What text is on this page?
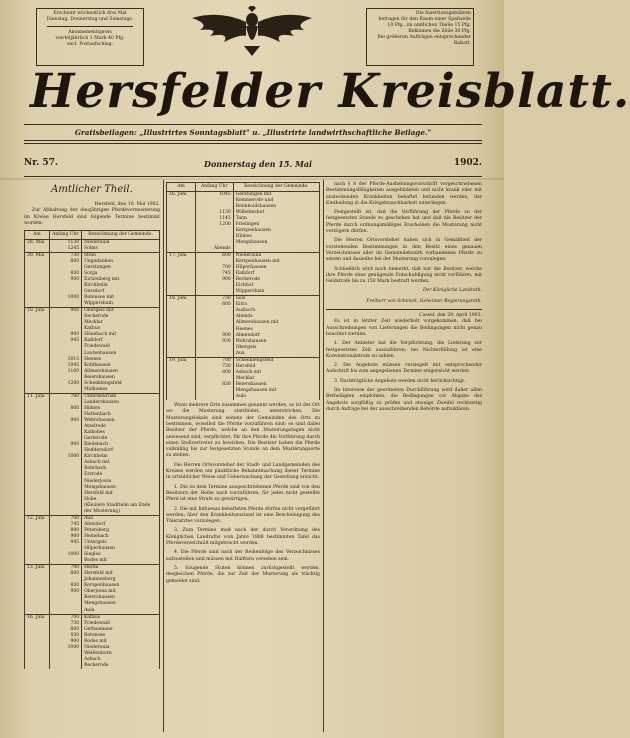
Erscheint wöchentlich drei Mal
Dienstag, Donnerstag und Samstags.
Abonnementspreis
vierteljährlich 1 Mark 40 Pfg.
excl. Postaufschlag.
Die Insertionsgebühren
betragen für den Raum einer Spaltzeile
10 Pfg., im amtlichen Theile 15 Pfg.
Reklamen die Zeile 30 Pfg.
Bei größeren Aufträgen entsprechender
Rabatt.
Hersfelder Kreisblatt.
Gratisbeilagen: „Illustrirtes Sonntagsblatt" u. „Illustrirte landwirthschaftliche Beilage."
Nr. 57.	Donnerstag den 15. Mai	1902.
Amtlicher Theil.
Hersfeld, den 10. Mai 1902.
Zur Abhaltung der diesjährigen Pferdevormusterung im Kreise Hersfeld sind folgende Termine bestimmt worden:
Am	Anfang Uhr	Bezeichnung der Gemeinde.
28. Mai	1130	Niederaula
	1245	Solms
30. Mai	730	Stein
	800	Ungedanken
		Gerstungen
	830	Sorga
	900	Eichenberg mit
		Kirchheim
		Gersdorf
	1000	Rotensee mit
		Wippershain
10. Juni	900	Obergeis mit
		Reckerode
		Mecklar
		Kathus
	900	Hönebach mit
	945	Raßdorf
		Friedewald
		Lautenhausen
	1015	Heenes
	1045	Kohlhausen
	1100	Allmershausen
		Beiershausen
	1200	Schenklengsfeld
		Malkomes
11. Juni	700	Unterneurode
		Landershausen
	800	Hilmes
		Hattenbach
	900	Wehrshausen
		Atzelrode
		Kalkobes
		Gerterode
	900	Biedebach
		Heddersdorf
	1000	Kirchheim
		Asbach mit
		Rohrbach
		Ersrode
		Niederjossa
		Mengshausen
		Hersfeld mit
		Hohe
		(Kleinere Stadtteile am Ende
		der Musterung)
12. Juni	700	Aua
	745	Allendorf
	800	Petersberg
	900	Heinebach
	945	Untergeis
		Hilperhausen
	1000	Sieglos
		Bodes mit
13. Juni	700	Herda
	800	Hersfeld mit
		Johannesberg
	830	Kerspenhausen
	900	Oberjossa mit
		Beiershausen
		Mengshausen
		Aula
16. Juni	700	Kathus
	730	Friedewald
	800	Gethsemane
	830	Rotensee
	900	Bodes mit
	1000	Niederaula
		Weißenborn
		Asbach
		Reckerode
Am	Anfang Uhr	Bezeichnung der Gemeinde.
16. Juni	1045	Gerstungen mit
		Kemmerode und
		Reimboldshausen
	1130	Wilhelmshof
	1145	Tann
	1200	Frielingen
		Kerspenhausen
		Hilmes
		Mengshausen
	Abends	
17. Juni	600	Niederaula
		Kerspenhausen mit
	700	Hilperhausen
	745	Raßdorf
	900	Reckerode
		Eichhof
		Wippershain
18. Juni	730	Solz
	800	Eitra
		Ausbach
		Abends
		Allmershausen mit
		Heenes
	900	Almendorf
	930	Wehrshausen
		Obergeis
		Aua
19. Juni	700	Schenklengsfeld
	730	Hersfeld
	800	Asbach mit
		Mecklar
	830	Beiershausen
		Mengshausen mit
		Aula
Wenn mehrere Orte zusammen genannt werden, so ist der Ort wo die Musterung stattfindet, unterstrichen. Die Musterungslokale sind seitens der Gemeinden des Orts zu bestimmen, woselbst die Pferde vorzuführen sind; es sind dabei Besitzer der Pferde, welche an den Musterungstagen nicht anwesend sind, verpflichtet, für ihre Pferde die Vorführung durch einen Stellvertreter zu bewirken. Die Besitzer haben die Pferde vollzählig bis zur festgesetzten Stunde an dem Musterungsorte zu stellen.
Die Herren Ortsvorsteher der Stadt- und Landgemeinden des Kreises werden um pünktliche Bekanntmachung dieser Termine in ortsüblicher Weise und Ueberwachung der Gestellung ersucht.
1. Die zu dem Termine ausgeschriebenen Pferde sind von den Besitzern der Reihe nach vorzuführen; für jedes nicht gestellte Pferd ist eine Strafe zu gewärtigen.
2. Die mit Influenza behafteten Pferde dürfen nicht vorgeführt werden; über den Krankheitszustand ist eine Bescheinigung des Thierarztes vorzulegen.
3. Zum Termine muß nach der durch Verordnung des Königlichen Landraths vom Jahre 1888 bestimmten Tafel das Pferdeverzeichniß mitgebracht werden.
4. Die Pferde sind nach der Reihenfolge des Verzeichnisses aufzustellen und müssen mit Halftern versehen sein.
5. Säugende Stuten können zurückgestellt werden, desgleichen Pferde, die zur Zeit der Musterung als trächtig gemeldet sind.
nach § 8 der Pferde-Aushebungsvorschrift vorgeschriebenen Bestimmungsfähigkeiten ausgebildeten und nicht krank oder mit ansteckenden Krankheiten behaftet befunden werden, der Eintheilung in die Kriegsbrauchbarkeit unterliegen.
Festgestellt ist, daß die Vorführung der Pferde zu der festgesetzten Stunde zu geschehen hat und daß die Besitzer der Pferde durch ordnungsmäßiges Erscheinen die Musterung nicht verzögern dürfen.
Die Herren Ortsvorsteher haben sich in Gemäßheit der vorstehenden Bestimmungen in den Besitz eines genauen Verzeichnisses aller im Gemeindebezirk vorhandenen Pferde zu setzen und dasselbe bei der Musterung vorzulegen.
Schließlich wird noch bemerkt, daß nur die Besitzer, welche ihre Pferde ohne genügende Entschuldigung nicht vorführen, mit Geldstrafe bis zu 150 Mark bestraft werden.
Der Königliche Landrath.
Freiherr von Schenck, Geheimer Regierungsrath.
Cassel, den 29. April 1902.
Es ist in letzter Zeit wiederholt vorgekommen, daß bei Ausschreibungen von Lieferungen die Bedingungen nicht genau beachtet werden.
1. Der Anbieter hat die Verpflichtung, die Lieferung zur festgesetzten Zeit auszuführen; bei Nichterfüllung ist eine Konventionalstrafe zu zahlen.
2. Die Angebote müssen versiegelt mit entsprechender Aufschrift bis zum angegebenen Termine eingereicht werden.
3. Nachträgliche Angebote werden nicht berücksichtigt.
Im Interesse der geordneten Durchführung wird daher allen Betheiligten empfohlen, die Bedingungen vor Abgabe des Angebots sorgfältig zu prüfen und etwaige Zweifel rechtzeitig durch Anfrage bei der ausschreibenden Behörde aufzuklären.
